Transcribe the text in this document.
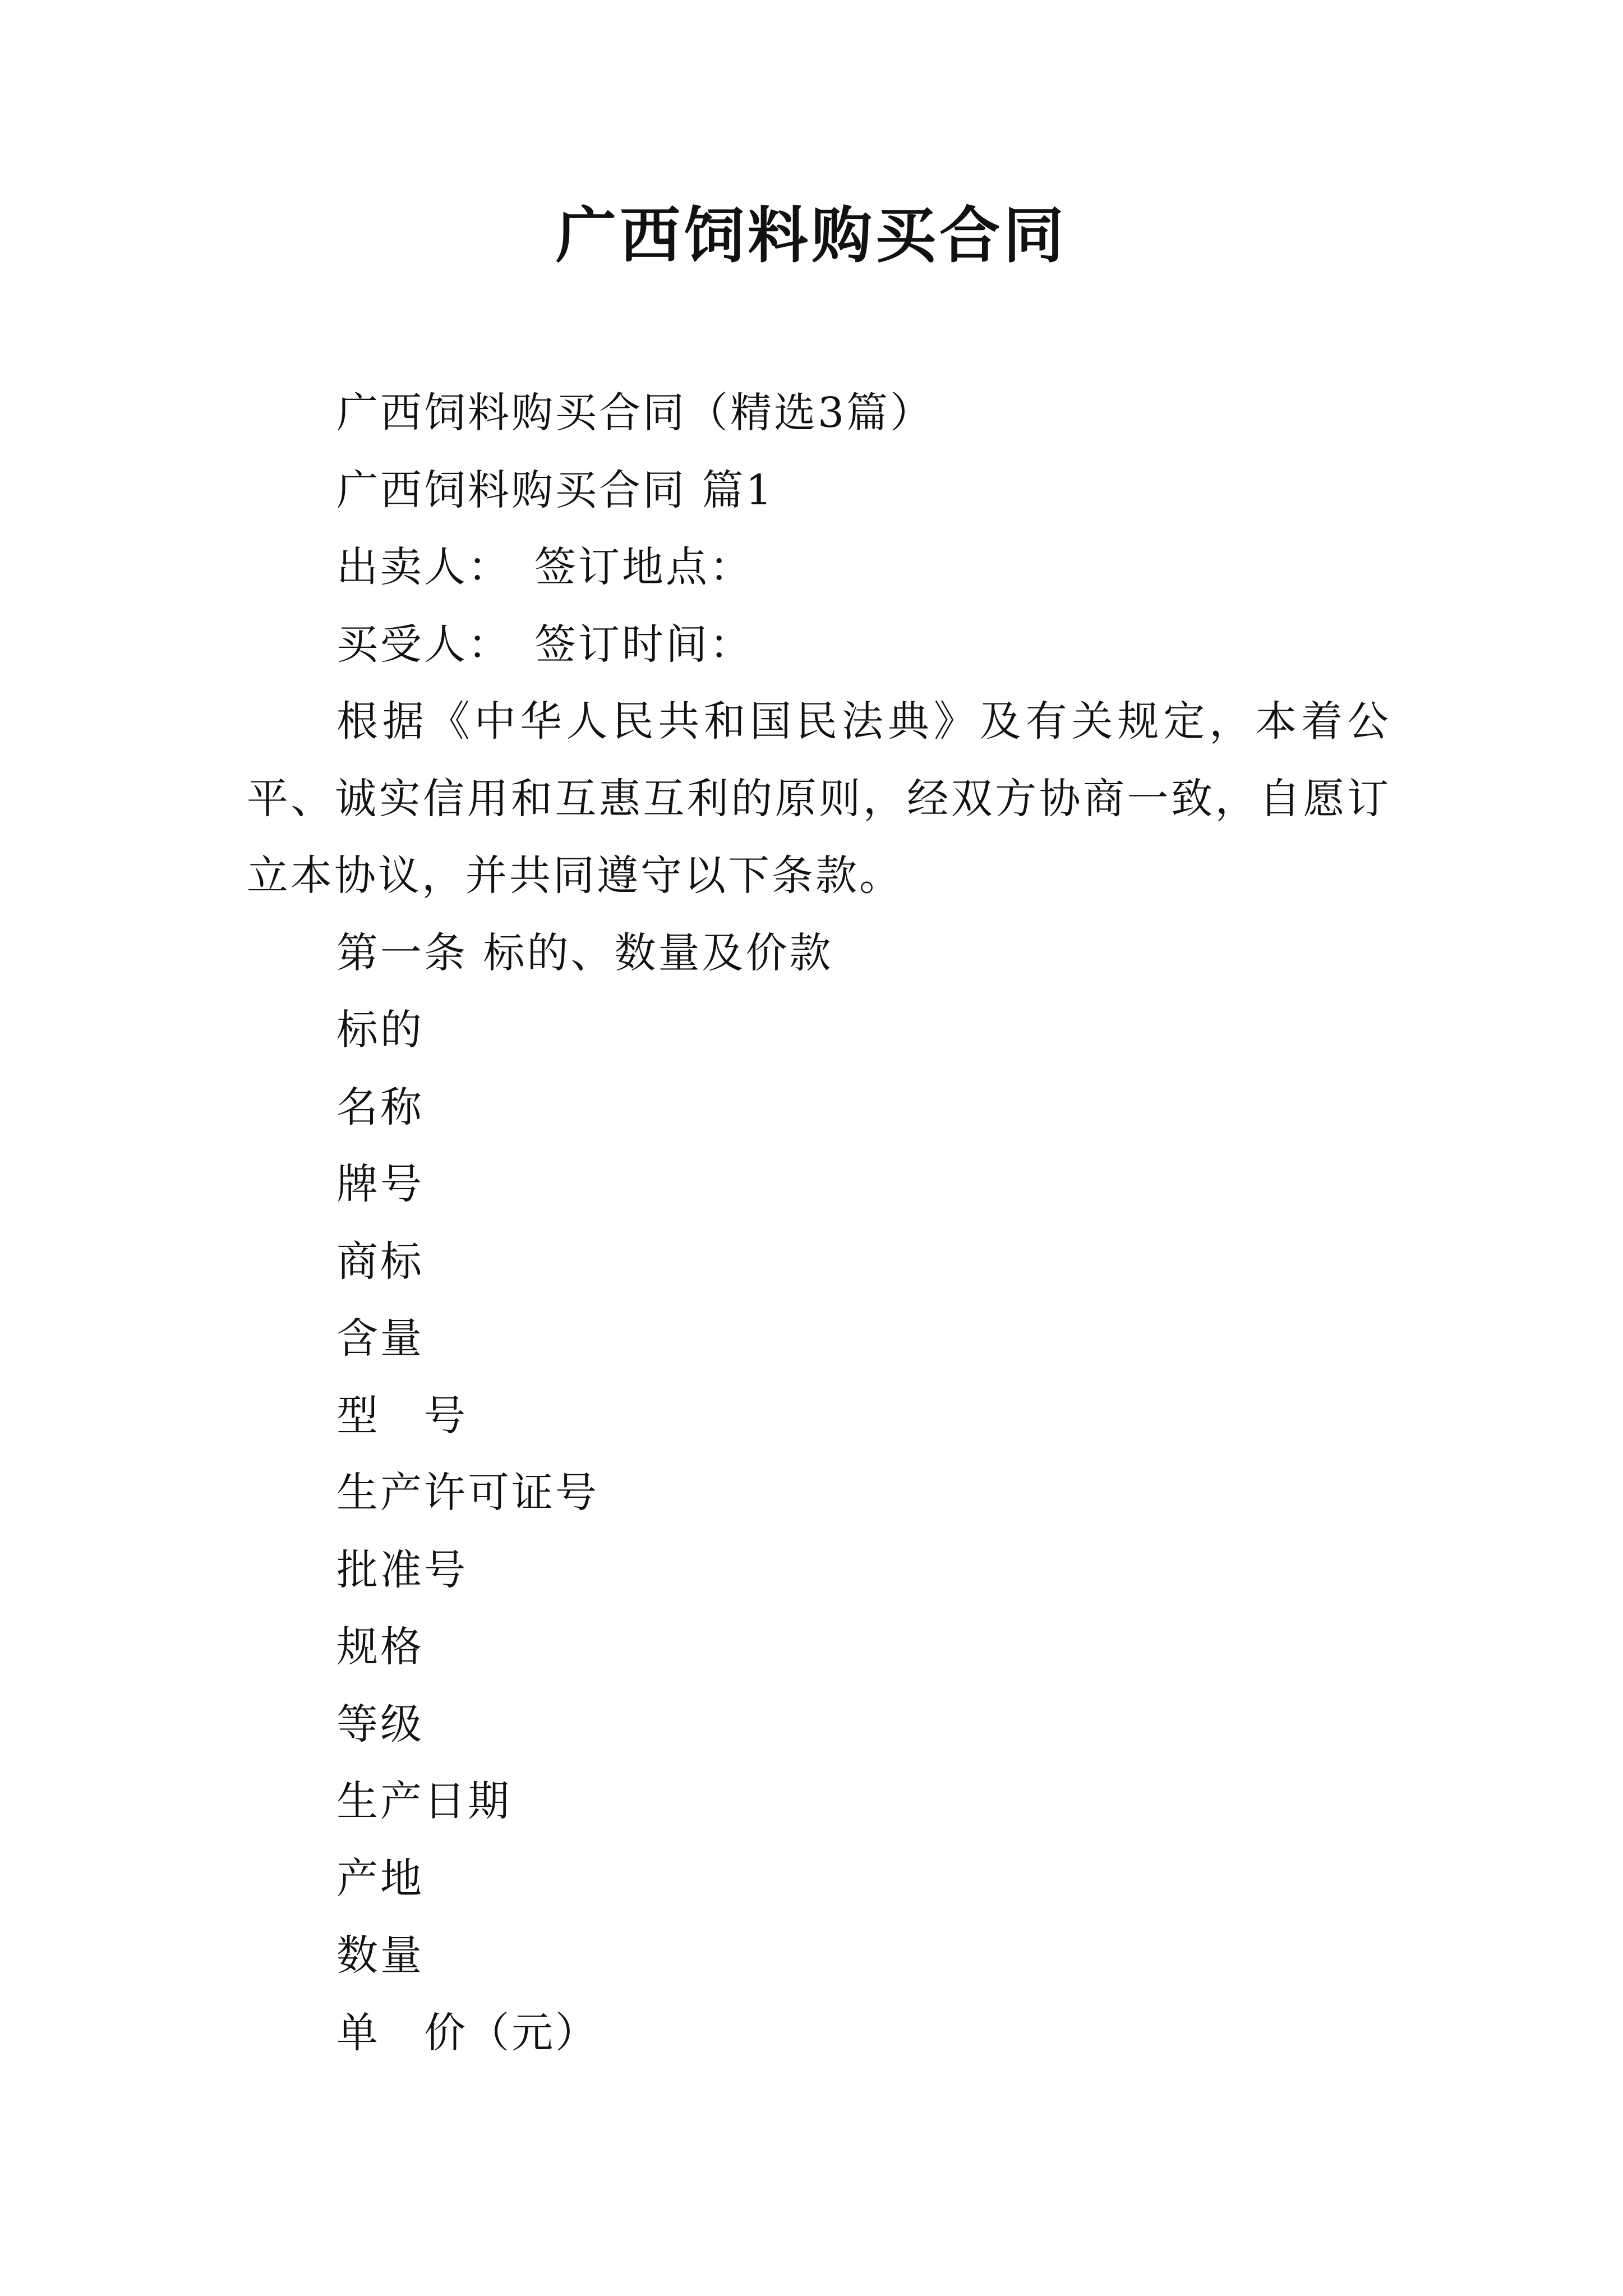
广西饲料购买合同

广西饲料购买合同（精选3篇）

广西饲料购买合同 篇1

出卖人：　签订地点：

买受人：　签订时间：

根据《中华人民共和国民法典》及有关规定，本着公平、诚实信用和互惠互利的原则，经双方协商一致，自愿订立本协议，并共同遵守以下条款。

第一条 标的、数量及价款

标的

名称

牌号

商标

含量

型　号

生产许可证号

批准号

规格

等级

生产日期

产地

数量

单　价（元）
